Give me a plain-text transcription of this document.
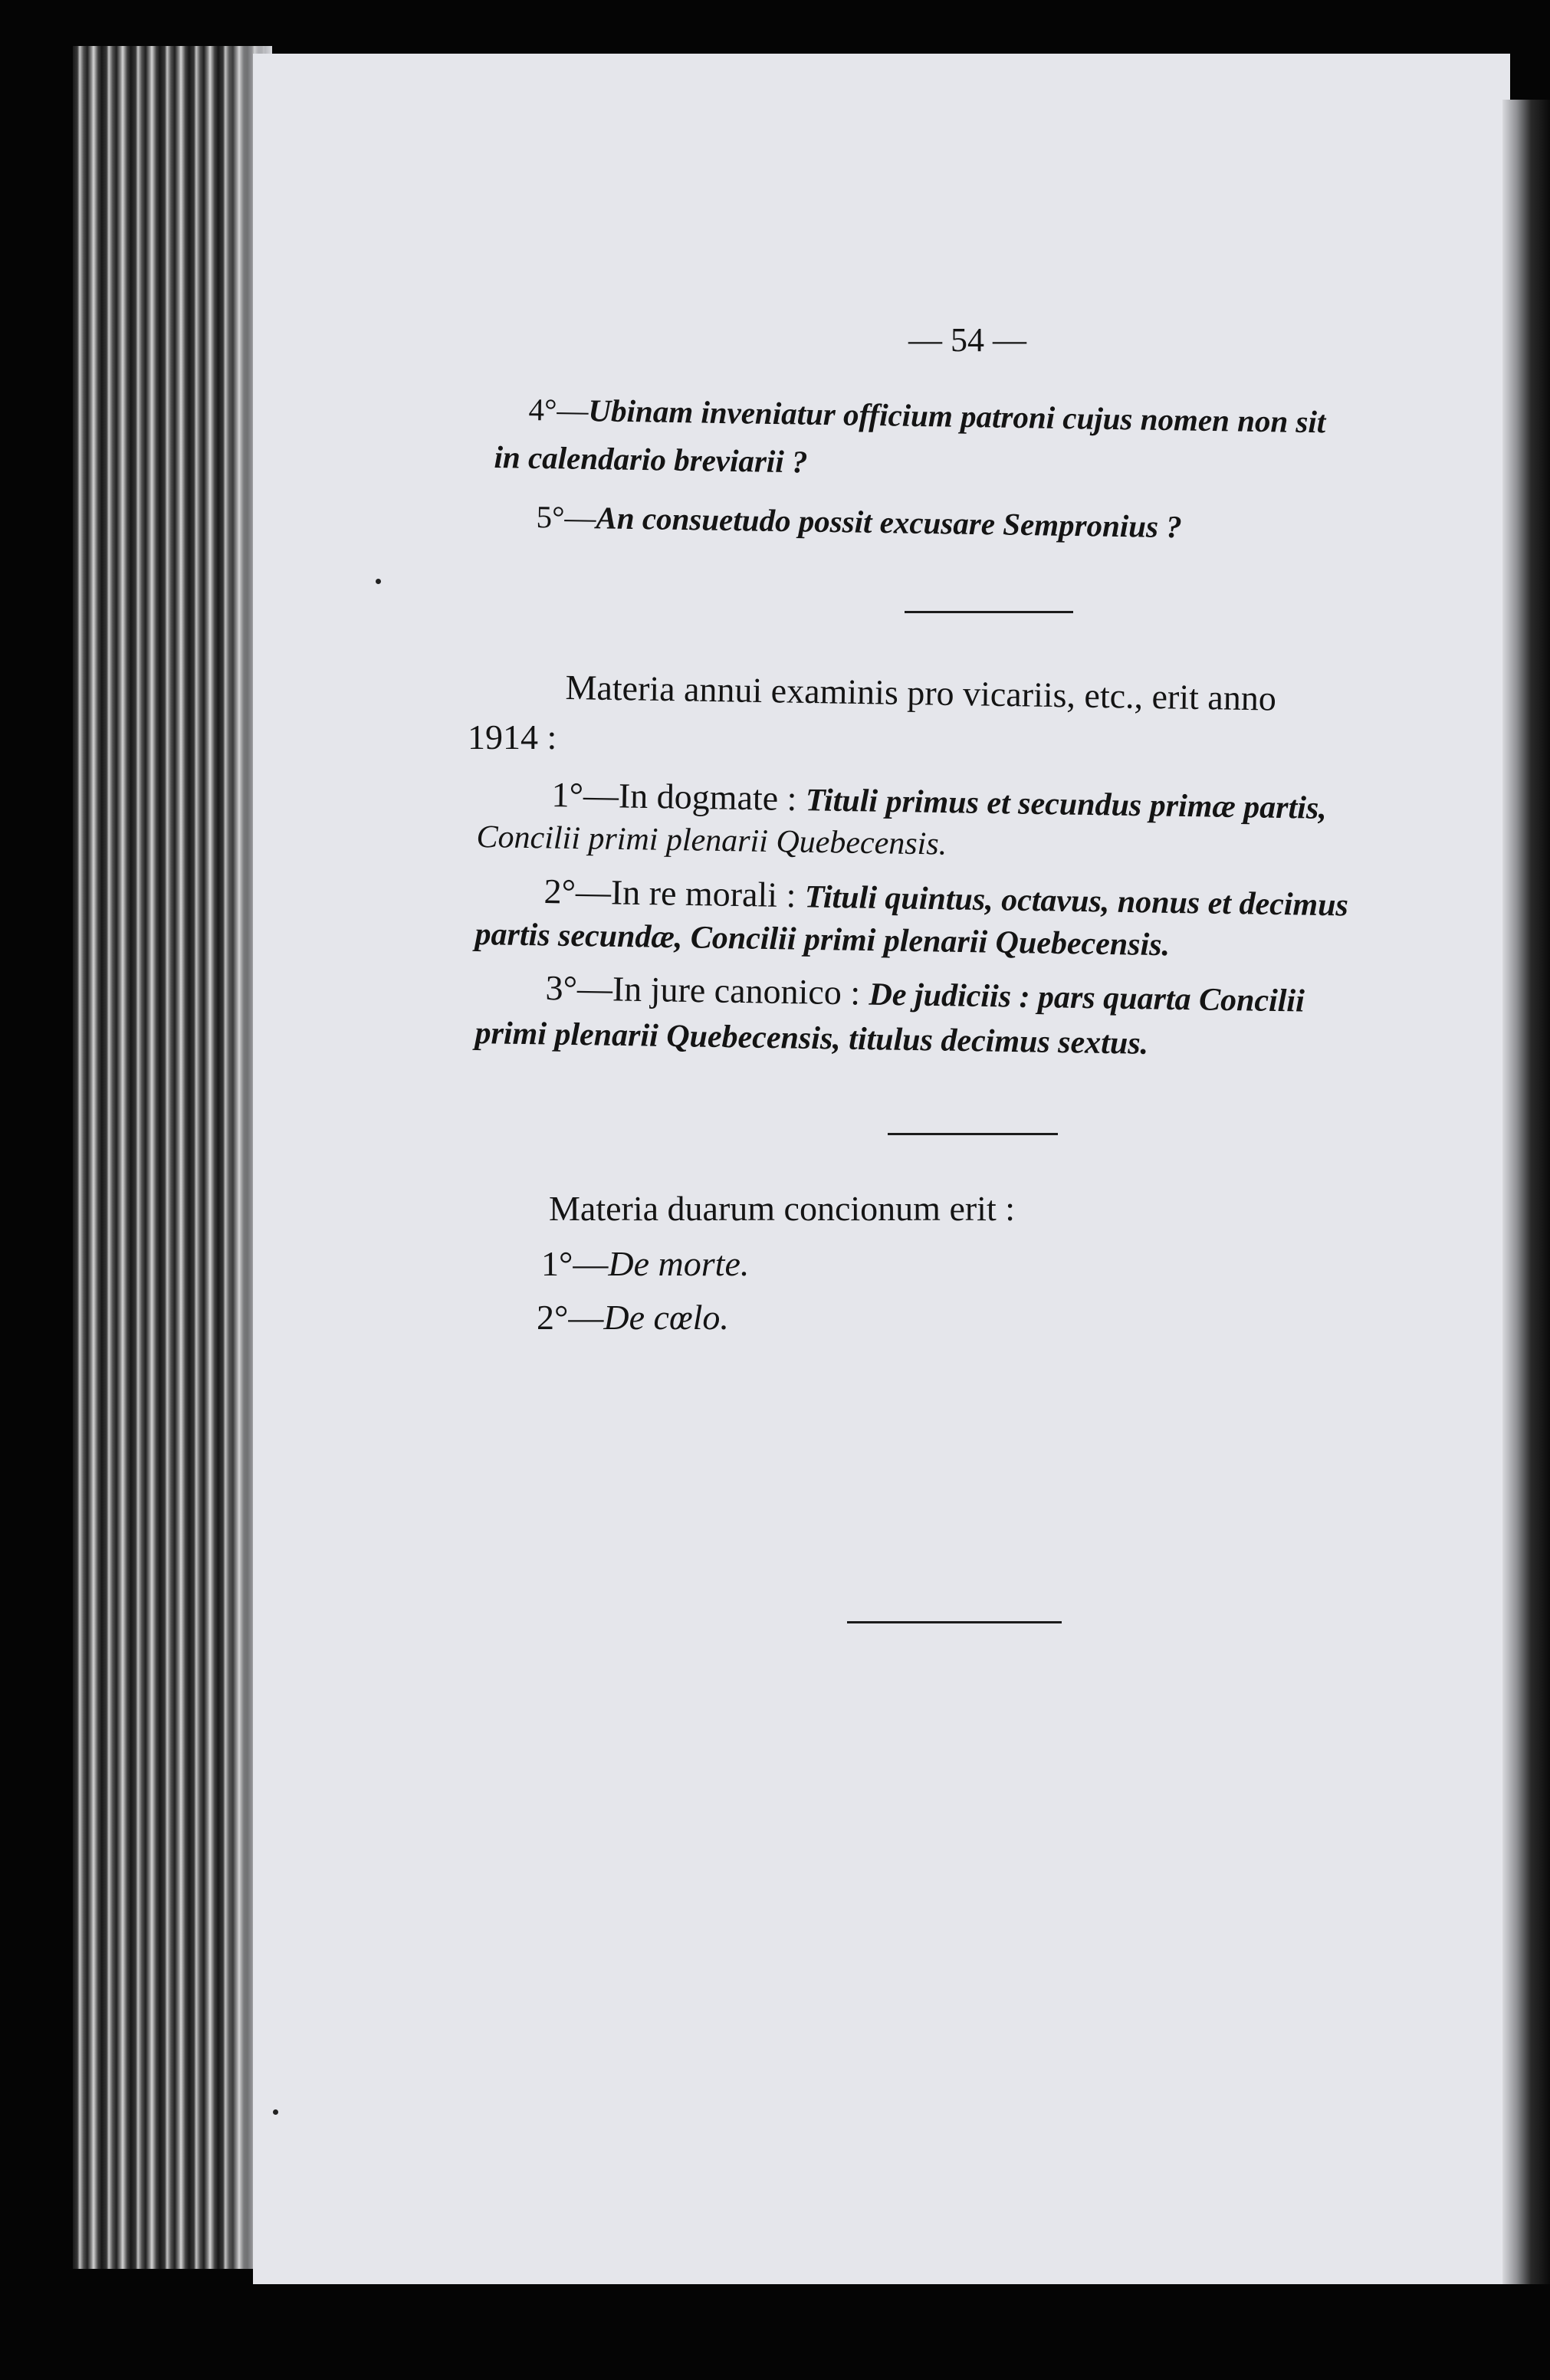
— 54 —
4°—Ubinam inveniatur officium patroni cujus nomen non sit
in calendario breviarii ?
5°—An consuetudo possit excusare Sempronius ?
Materia annui examinis pro vicariis, etc., erit anno
1914 :
1°—In dogmate : Tituli primus et secundus primæ partis,
Concilii primi plenarii Quebecensis.
2°—In re morali : Tituli quintus, octavus, nonus et decimus
partis secundæ, Concilii primi plenarii Quebecensis.
3°—In jure canonico : De judiciis : pars quarta Concilii
primi plenarii Quebecensis, titulus decimus sextus.
Materia duarum concionum erit :
1°—De morte.
2°—De cœlo.
